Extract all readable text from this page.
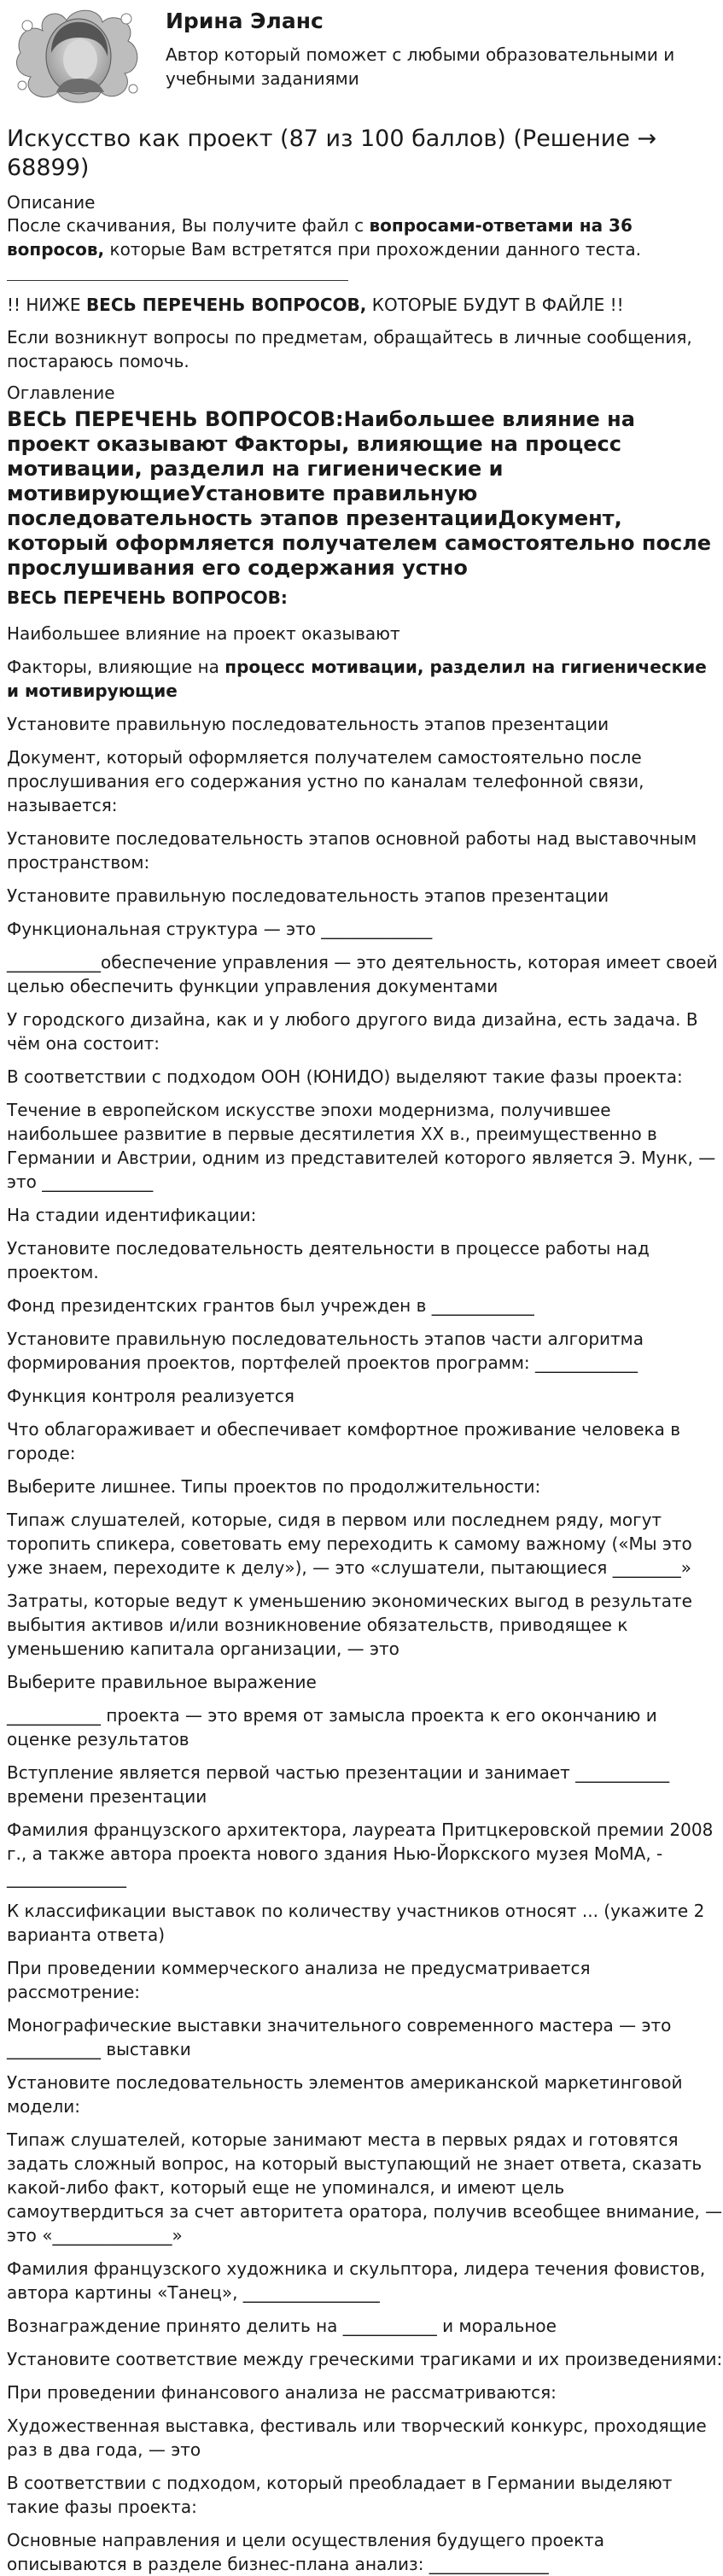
Ирина Эланс
Автор который поможет с любыми образовательными и учебными заданиями
Искусство как проект (87 из 100 баллов) (Решение → 68899)
Описание

После скачивания, Вы получите файл с вопросами-ответами на 36 вопросов, которые Вам встретятся при прохождении данного теста.

!! НИЖЕ ВЕСЬ ПЕРЕЧЕНЬ ВОПРОСОВ, КОТОРЫЕ БУДУТ В ФАЙЛЕ !!

Если возникнут вопросы по предметам, обращайтесь в личные сообщения, постараюсь помочь.

Оглавление
ВЕСЬ ПЕРЕЧЕНЬ ВОПРОСОВ:Наибольшее влияние на проект оказывают Факторы, влияющие на процесс мотивации, разделил на гигиенические и мотивирующиеУстановите правильную последовательность этапов презентацииДокумент, который оформляется получателем самостоятельно после прослушивания его содержания устно
ВЕСЬ ПЕРЕЧЕНЬ ВОПРОСОВ:

Наибольшее влияние на проект оказывают

Факторы, влияющие на процесс мотивации, разделил на гигиенические и мотивирующие

Установите правильную последовательность этапов презентации

Документ, который оформляется получателем самостоятельно после прослушивания его содержания устно по каналам телефонной связи, называется:

Установите последовательность этапов основной работы над выставочным пространством:

Установите правильную последовательность этапов презентации

Функциональная структура — это _____________

___________обеспечение управления — это деятельность, которая имеет своей целью обеспечить функции управления документами

У городского дизайна, как и у любого другого вида дизайна, есть задача. В чём она состоит:

В соответствии с подходом ООН (ЮНИДО) выделяют такие фазы проекта:

Течение в европейском искусстве эпохи модернизма, получившее наибольшее развитие в первые десятилетия XX в., преимущественно в Германии и Австрии, одним из представителей которого является Э. Мунк, — это _____________

На стадии идентификации:

Установите последовательность деятельности в процессе работы над проектом.

Фонд президентских грантов был учрежден в ____________

Установите правильную последовательность этапов части алгоритма формирования проектов, портфелей проектов программ: ____________

Функция контроля реализуется

Что облагораживает и обеспечивает комфортное проживание человека в городе:

Выберите лишнее. Типы проектов по продолжительности:

Типаж слушателей, которые, сидя в первом или последнем ряду, могут торопить спикера, советовать ему переходить к самому важному («Мы это уже знаем, переходите к делу»), — это «слушатели, пытающиеся ________»

Затраты, которые ведут к уменьшению экономических выгод в результате выбытия активов и/или возникновение обязательств, приводящее к уменьшению капитала организации, — это

Выберите правильное выражение

___________ проекта — это время от замысла проекта к его окончанию и оценке результатов

Вступление является первой частью презентации и занимает ___________ времени презентации

Фамилия французского архитектора, лауреата Притцкеровской премии 2008 г., а также автора проекта нового здания Нью-Йоркского музея MoMA, - ______________

К классификации выставок по количеству участников относят ... (укажите 2 варианта ответа)

При проведении коммерческого анализа не предусматривается рассмотрение:

Монографические выставки значительного современного мастера — это ___________ выставки

Установите последовательность элементов американской маркетинговой модели:

Типаж слушателей, которые занимают места в первых рядах и готовятся задать сложный вопрос, на который выступающий не знает ответа, сказать какой-либо факт, который еще не упоминался, и имеют цель самоутвердиться за счет авторитета оратора, получив всеобщее внимание, — это «______________»

Фамилия французского художника и скульптора, лидера течения фовистов, автора картины «Танец», ________________

Вознаграждение принято делить на ___________ и моральное

Установите соответствие между греческими трагиками и их произведениями:

При проведении финансового анализа не рассматриваются:

Художественная выставка, фестиваль или творческий конкурс, проходящие раз в два года, — это

В соответствии с подходом, который преобладает в Германии выделяют такие фазы проекта:

Основные направления и цели осуществления будущего проекта описываются в разделе бизнес-плана анализ: ______________
